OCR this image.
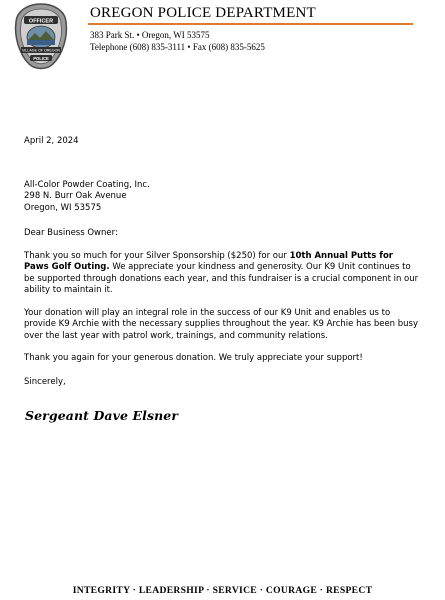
OFFICER
VILLAGE OF OREGON
POLICE
OREGON POLICE DEPARTMENT
383 Park St. • Oregon, WI 53575
Telephone (608) 835-3111 • Fax (608) 835-5625
April 2, 2024
All-Color Powder Coating, Inc.
298 N. Burr Oak Avenue
Oregon, WI 53575
Dear Business Owner:
Thank you so much for your Silver Sponsorship ($250) for our 10th Annual Putts for Paws Golf Outing. We appreciate your kindness and generosity. Our K9 Unit continues to be supported through donations each year, and this fundraiser is a crucial component in our ability to maintain it.
Your donation will play an integral role in the success of our K9 Unit and enables us to provide K9 Archie with the necessary supplies throughout the year. K9 Archie has been busy over the last year with patrol work, trainings, and community relations.
Thank you again for your generous donation. We truly appreciate your support!
Sincerely,
Sergeant Dave Elsner
INTEGRITY · LEADERSHIP · SERVICE · COURAGE · RESPECT
